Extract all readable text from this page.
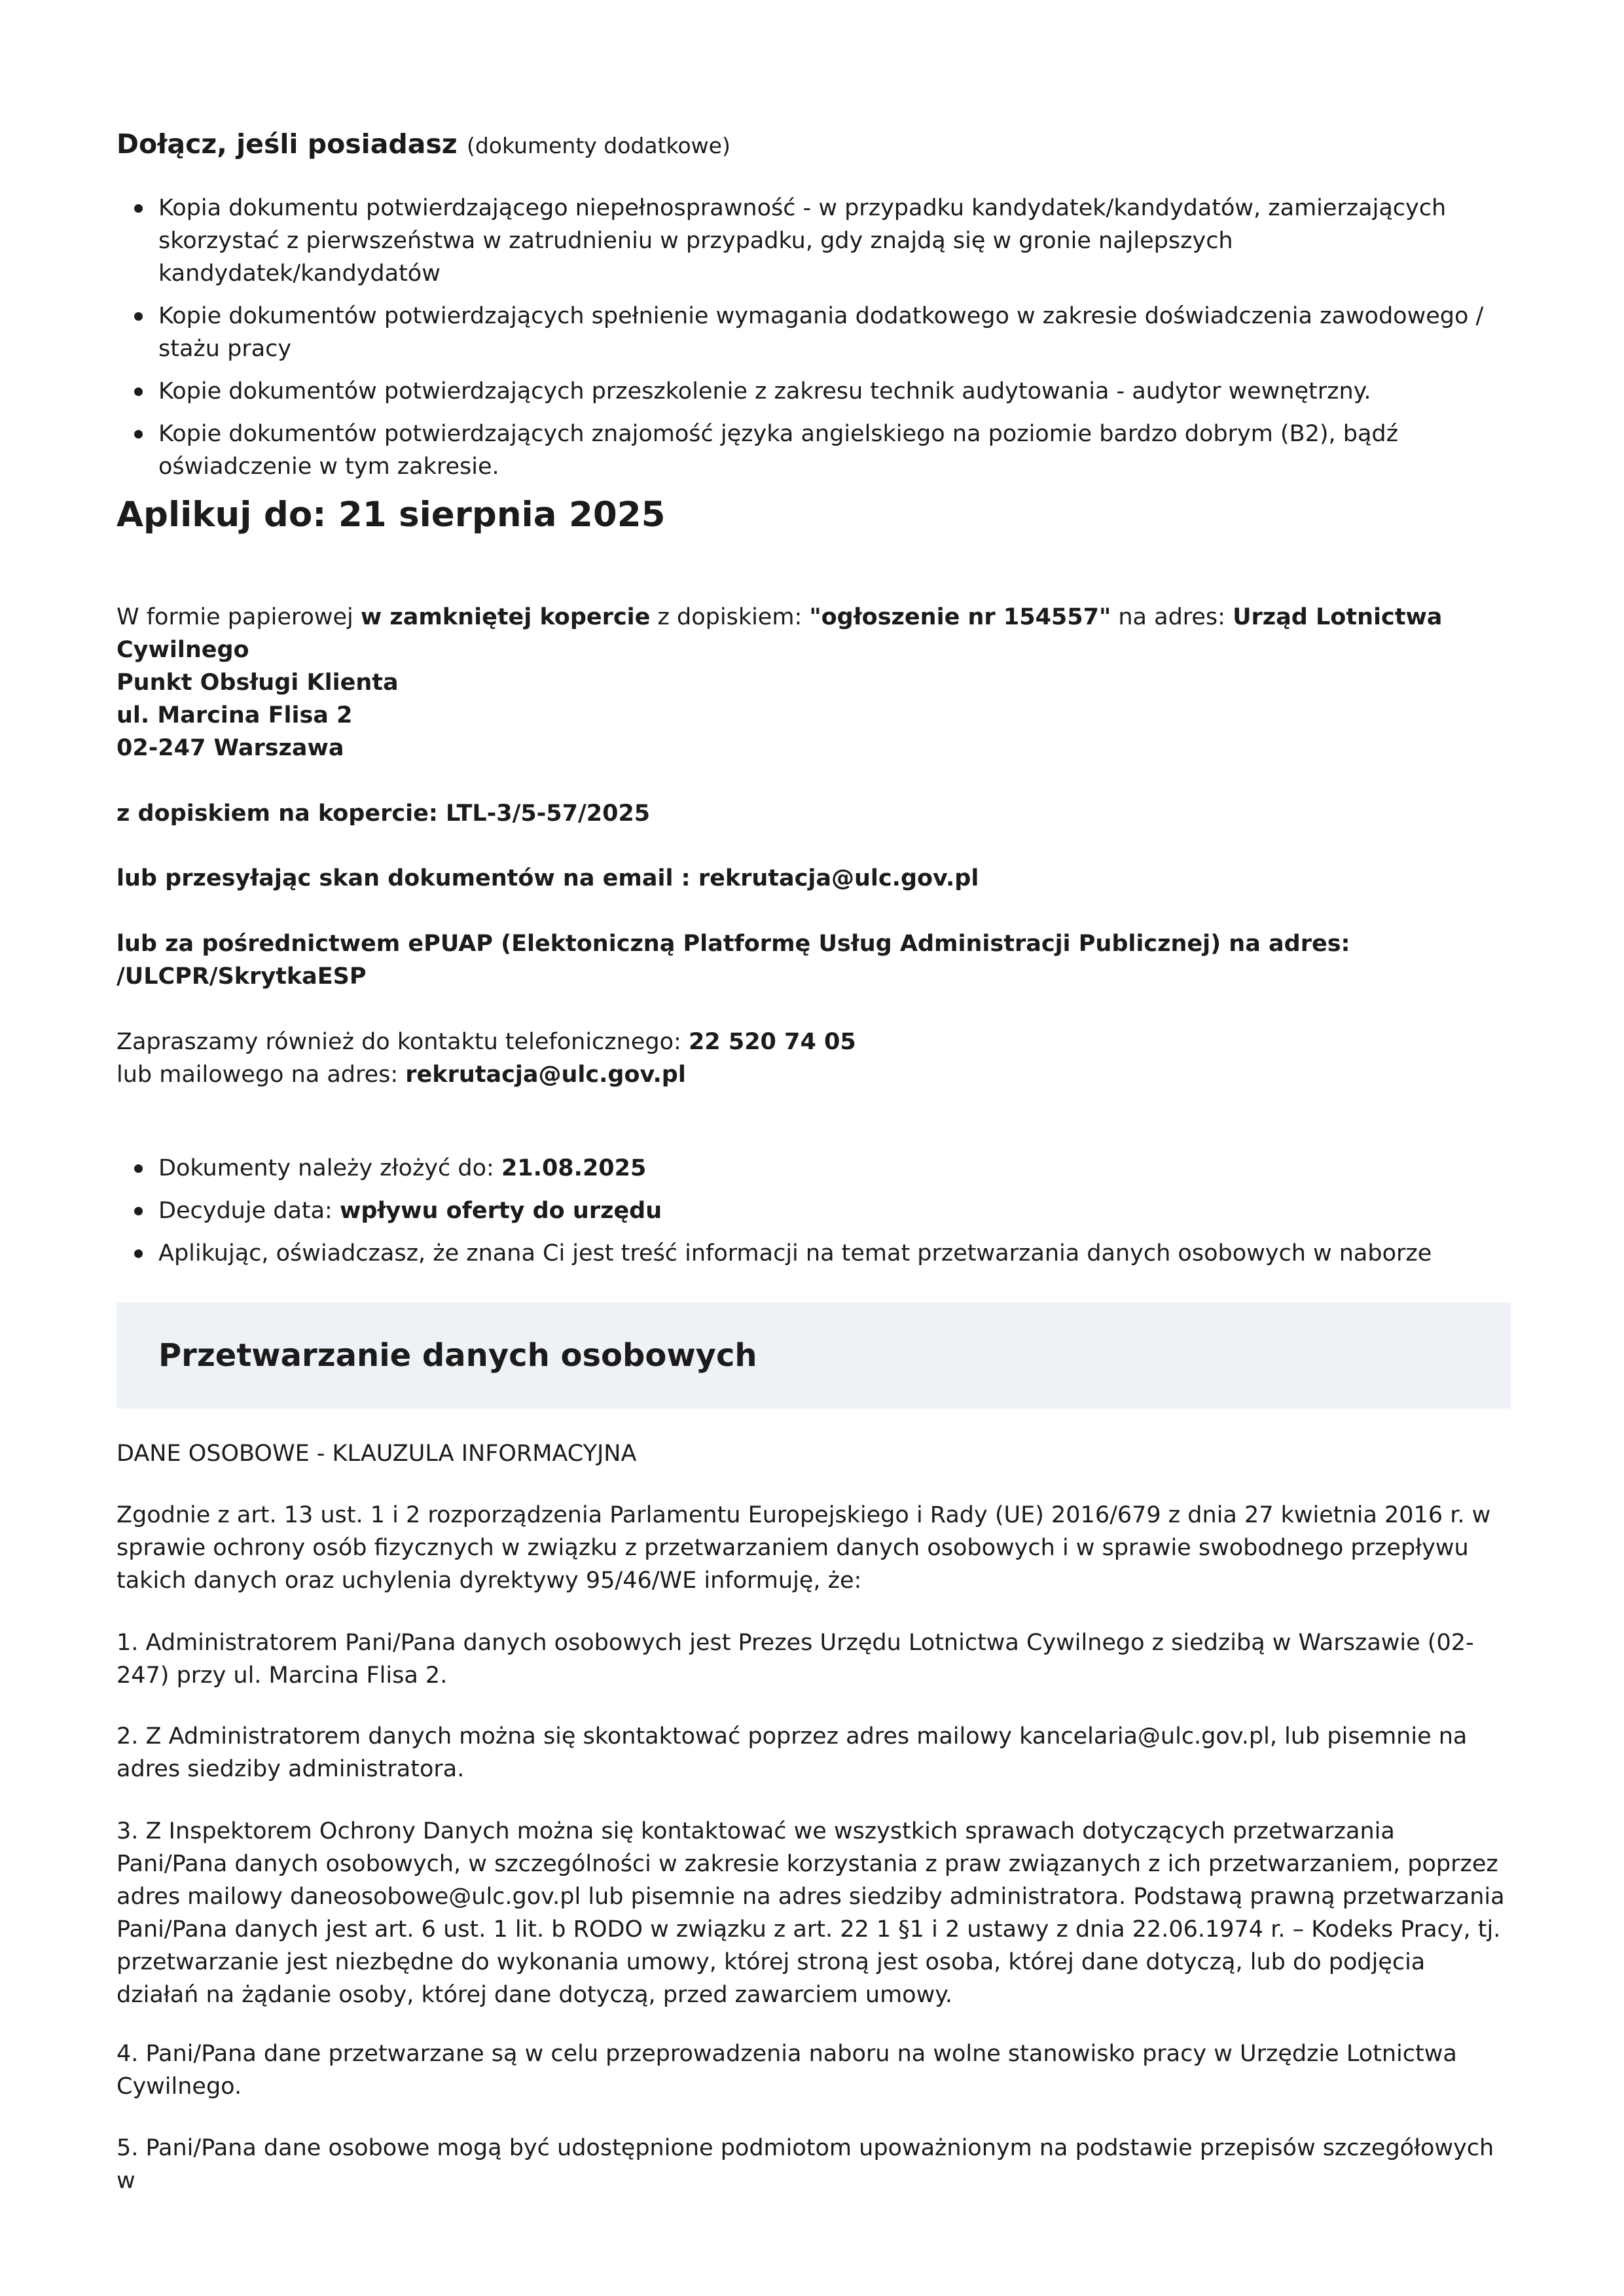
Dołącz, jeśli posiadasz (dokumenty dodatkowe)
Kopia dokumentu potwierdzającego niepełnosprawność - w przypadku kandydatek/kandydatów, zamierzających skorzystać z pierwszeństwa w zatrudnieniu w przypadku, gdy znajdą się w gronie najlepszych kandydatek/kandydatów
Kopie dokumentów potwierdzających spełnienie wymagania dodatkowego w zakresie doświadczenia zawodowego / stażu pracy
Kopie dokumentów potwierdzających przeszkolenie z zakresu technik audytowania - audytor wewnętrzny.
Kopie dokumentów potwierdzających znajomość języka angielskiego na poziomie bardzo dobrym (B2), bądź oświadczenie w tym zakresie.
Aplikuj do: 21 sierpnia 2025

W formie papierowej w zamkniętej kopercie z dopiskiem: "ogłoszenie nr 154557" na adres: Urząd Lotnictwa Cywilnego
Punkt Obsługi Klienta
ul. Marcina Flisa 2
02-247 Warszawa

z dopiskiem na kopercie: LTL-3/5-57/2025

lub przesyłając skan dokumentów na email : rekrutacja@ulc.gov.pl

lub za pośrednictwem ePUAP (Elektoniczną Platformę Usług Administracji Publicznej) na adres: /ULCPR/SkrytkaESP

Zapraszamy również do kontaktu telefonicznego: 22 520 74 05
lub mailowego na adres: rekrutacja@ulc.gov.pl

Dokumenty należy złożyć do: 21.08.2025
Decyduje data: wpływu oferty do urzędu
Aplikując, oświadczasz, że znana Ci jest treść informacji na temat przetwarzania danych osobowych w naborze
Przetwarzanie danych osobowych

DANE OSOBOWE - KLAUZULA INFORMACYJNA

Zgodnie z art. 13 ust. 1 i 2 rozporządzenia Parlamentu Europejskiego i Rady (UE) 2016/679 z dnia 27 kwietnia 2016 r. w sprawie ochrony osób fizycznych w związku z przetwarzaniem danych osobowych i w sprawie swobodnego przepływu takich danych oraz uchylenia dyrektywy 95/46/WE informuję, że:

1. Administratorem Pani/Pana danych osobowych jest Prezes Urzędu Lotnictwa Cywilnego z siedzibą w Warszawie (02-247) przy ul. Marcina Flisa 2.

2. Z Administratorem danych można się skontaktować poprzez adres mailowy kancelaria@ulc.gov.pl, lub pisemnie na adres siedziby administratora.

3. Z Inspektorem Ochrony Danych można się kontaktować we wszystkich sprawach dotyczących przetwarzania Pani/Pana danych osobowych, w szczególności w zakresie korzystania z praw związanych z ich przetwarzaniem, poprzez adres mailowy daneosobowe@ulc.gov.pl lub pisemnie na adres siedziby administratora. Podstawą prawną przetwarzania Pani/Pana danych jest art. 6 ust. 1 lit. b RODO w związku z art. 22 1 §1 i 2 ustawy z dnia 22.06.1974 r. – Kodeks Pracy, tj. przetwarzanie jest niezbędne do wykonania umowy, której stroną jest osoba, której dane dotyczą, lub do podjęcia działań na żądanie osoby, której dane dotyczą, przed zawarciem umowy.

4. Pani/Pana dane przetwarzane są w celu przeprowadzenia naboru na wolne stanowisko pracy w Urzędzie Lotnictwa Cywilnego.

5. Pani/Pana dane osobowe mogą być udostępnione podmiotom upoważnionym na podstawie przepisów szczegółowych w
